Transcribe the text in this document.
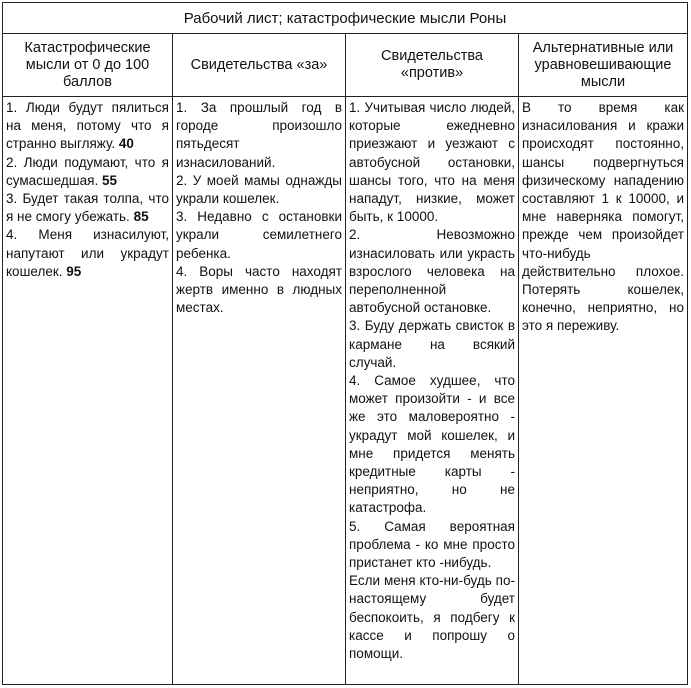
Рабочий лист; катастрофические мысли Роны
Катастрофические мысли от 0 до 100 баллов

1. Люди будут пялиться на меня, потому что я странно выгляжу. 40

2. Люди подумают, что я сумасшедшая. 55

3. Будет такая толпа, что я не смогу убежать. 85

4. Меня изнасилуют, напутают или украдут кошелек. 95

Свидетельства «за»

1. За прошлый год в городе произошло пятьдесят изнасилований.

2. У моей мамы однажды украли кошелек.

3. Недавно с остановки украли семилетнего ребенка.

4. Воры часто находят жертв именно в людных местах.

Свидетельства «против»

1. Учитывая число людей, которые ежедневно приезжают и уезжают с автобусной остановки, шансы того, что на меня нападут, низкие, может быть, к 10000.

2. Невозможно изнасиловать или украсть взрослого человека на переполненной автобусной остановке.

3. Буду держать свисток в кармане на всякий случай.

4. Самое худшее, что может произойти - и все же это маловероятно - украдут мой кошелек, и мне придется менять кредитные карты - неприятно, но не катастрофа.

5. Самая вероятная проблема - ко мне просто пристанет кто -нибудь.

Если меня кто-ни-будь по-настоящему будет беспокоить, я подбегу к кассе и попрошу о помощи.

Альтернативные или уравновешивающие мысли

В то время как изнасилования и кражи происходят постоянно, шансы подвергнуться физическому нападению составляют 1 к 10000, и мне наверняка помогут, прежде чем произойдет что-нибудь действительно плохое. Потерять кошелек, конечно, неприятно, но это я переживу.
